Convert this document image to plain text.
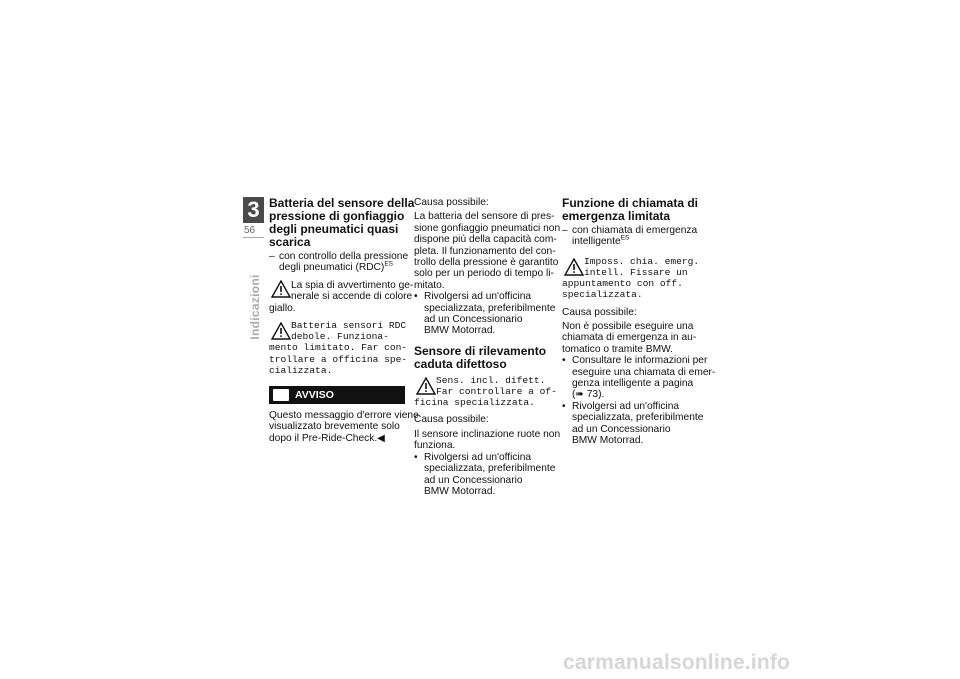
3
56
Indicazioni
Batteria del sensore della
pressione di gonfiaggio
degli pneumatici quasi
scarica
– con controllo della pressione
degli pneumatici (RDC)$^{ES}$
La spia di avvertimento ge-
nerale si accende di colore
giallo.
Batteria sensori RDC
debole. Funziona-
mento limitato. Far con-
trollare a officina spe-
cializzata.
AVVISO
Questo messaggio d'errore viene
visualizzato brevemente solo
dopo il Pre-Ride-Check.◀
Causa possibile:
La batteria del sensore di pres-
sione gonfiaggio pneumatici non
dispone più della capacità com-
pleta. Il funzionamento del con-
trollo della pressione è garantito
solo per un periodo di tempo li-
mitato.
• Rivolgersi ad un'officina
specializzata, preferibilmente
ad un Concessionario
BMW Motorrad.
Sensore di rilevamento
caduta difettoso
Sens. incl. difett.
Far controllare a of-
ficina specializzata.
Causa possibile:
Il sensore inclinazione ruote non
funziona.
• Rivolgersi ad un'officina
specializzata, preferibilmente
ad un Concessionario
BMW Motorrad.
Funzione di chiamata di
emergenza limitata
– con chiamata di emergenza
intelligente$^{ES}$
Imposs. chia. emerg.
intell. Fissare un
appuntamento con off.
specializzata.
Causa possibile:
Non è possibile eseguire una
chiamata di emergenza in au-
tomatico o tramite BMW.
• Consultare le informazioni per
eseguire una chiamata di emer-
genza intelligente a pagina
(➠ 73).
• Rivolgersi ad un'officina
specializzata, preferibilmente
ad un Concessionario
BMW Motorrad.
carmanualsonline.info
